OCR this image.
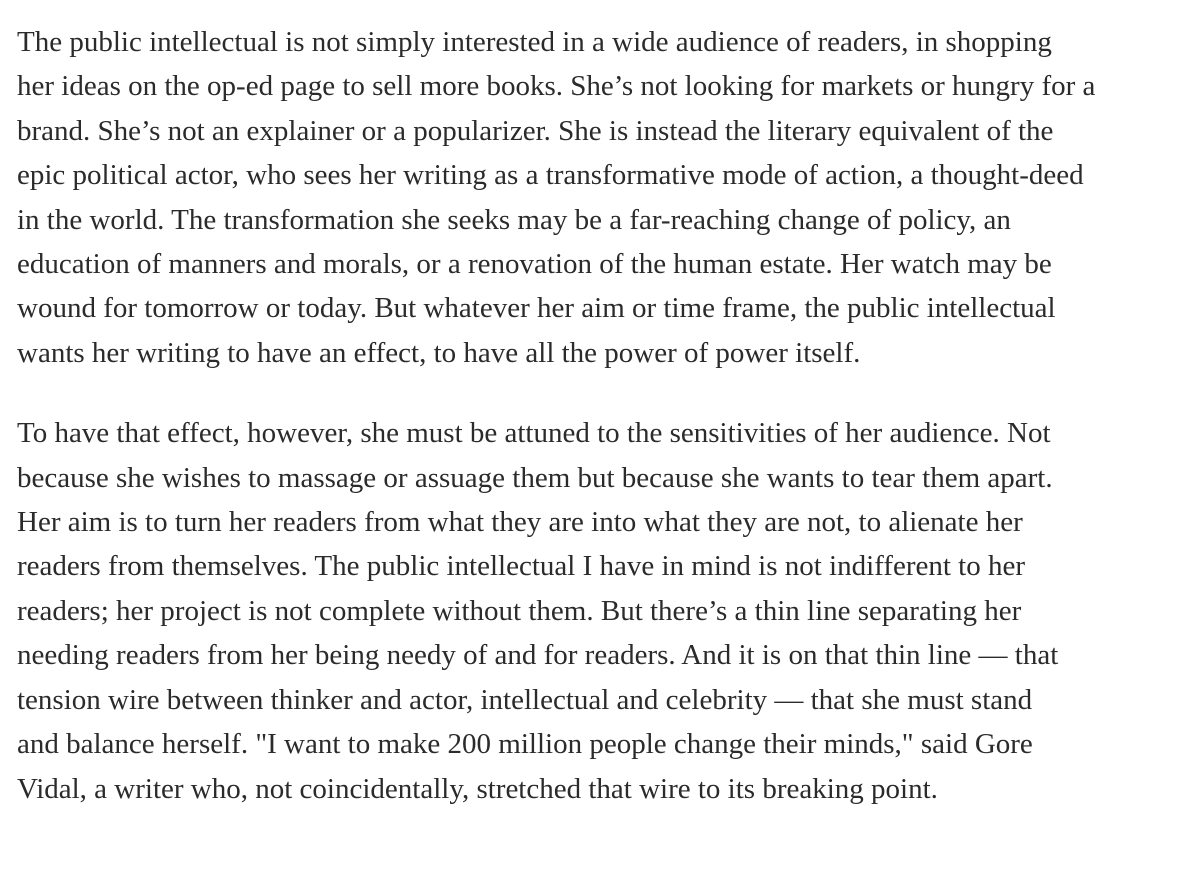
The public intellectual is not simply interested in a wide audience of readers, in shopping
her ideas on the op-ed page to sell more books. She’s not looking for markets or hungry for a
brand. She’s not an explainer or a popularizer. She is instead the literary equivalent of the
epic political actor, who sees her writing as a transformative mode of action, a thought-deed
in the world. The transformation she seeks may be a far-reaching change of policy, an
education of manners and morals, or a renovation of the human estate. Her watch may be
wound for tomorrow or today. But whatever her aim or time frame, the public intellectual
wants her writing to have an effect, to have all the power of power itself.

To have that effect, however, she must be attuned to the sensitivities of her audience. Not
because she wishes to massage or assuage them but because she wants to tear them apart.
Her aim is to turn her readers from what they are into what they are not, to alienate her
readers from themselves. The public intellectual I have in mind is not indifferent to her
readers; her project is not complete without them. But there’s a thin line separating her
needing readers from her being needy of and for readers. And it is on that thin line — that
tension wire between thinker and actor, intellectual and celebrity — that she must stand
and balance herself. "I want to make 200 million people change their minds," said Gore
Vidal, a writer who, not coincidentally, stretched that wire to its breaking point.
